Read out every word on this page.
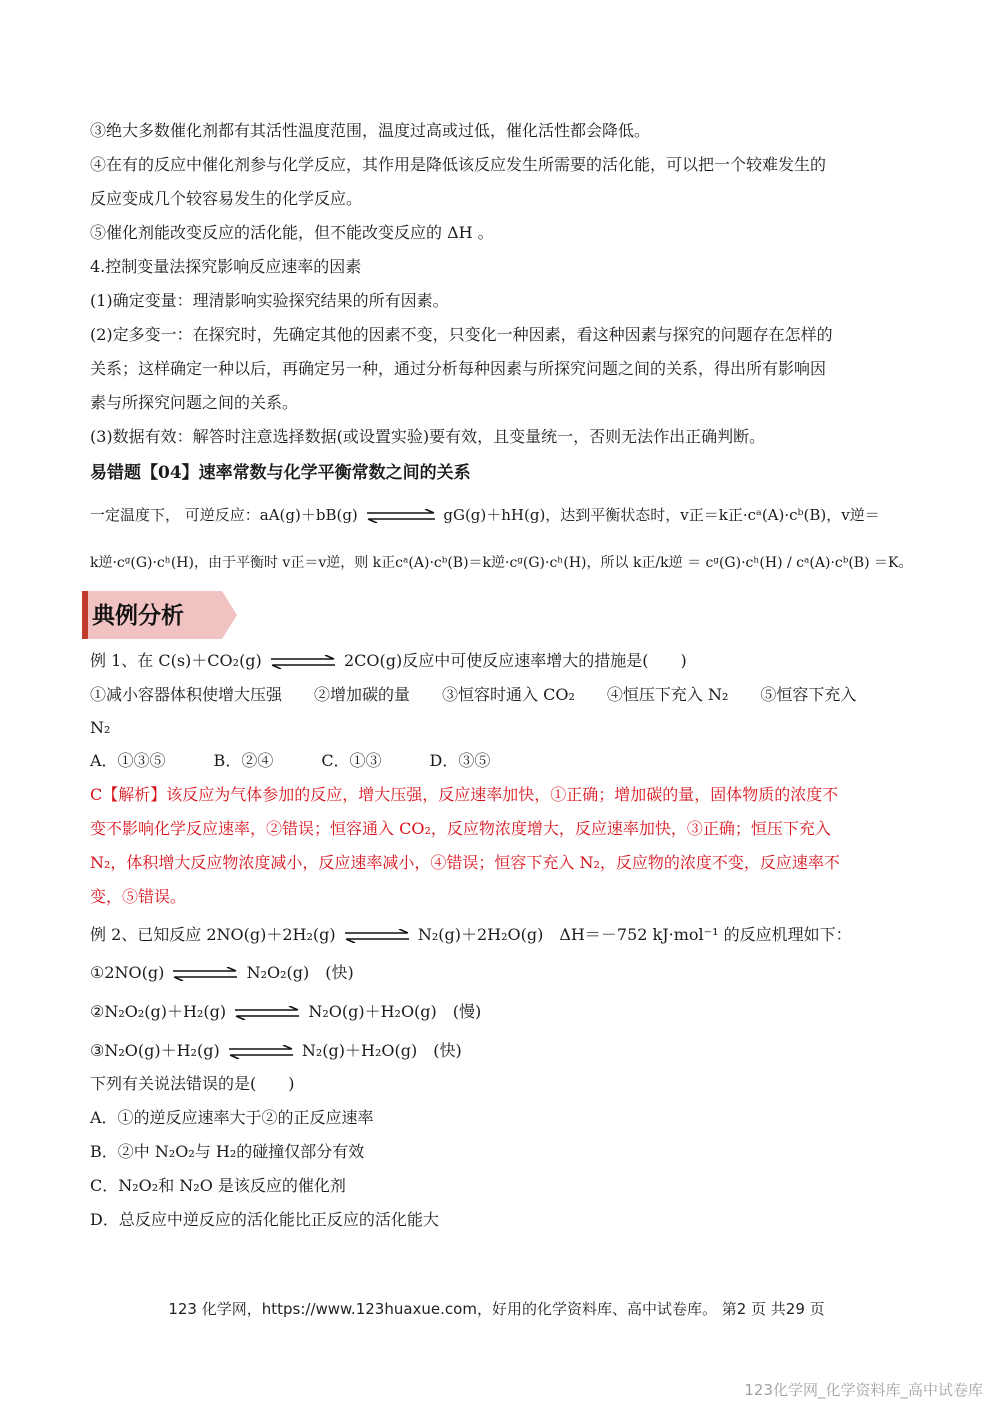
③绝大多数催化剂都有其活性温度范围，温度过高或过低，催化活性都会降低。
④在有的反应中催化剂参与化学反应，其作用是降低该反应发生所需要的活化能，可以把一个较难发生的
反应变成几个较容易发生的化学反应。
⑤催化剂能改变反应的活化能，但不能改变反应的 ΔH 。
4.控制变量法探究影响反应速率的因素
(1)确定变量：理清影响实验探究结果的所有因素。
(2)定多变一：在探究时，先确定其他的因素不变，只变化一种因素，看这种因素与探究的问题存在怎样的
关系；这样确定一种以后，再确定另一种，通过分析每种因素与所探究问题之间的关系，得出所有影响因
素与所探究问题之间的关系。
(3)数据有效：解答时注意选择数据(或设置实验)要有效，且变量统一，否则无法作出正确判断。
易错题【04】速率常数与化学平衡常数之间的关系
一定温度下， 可逆反应：aA(g)＋bB(g)	gG(g)＋hH(g)，达到平衡状态时，v正＝k正·cᵃ(A)·cᵇ(B)，v逆＝
k逆·cᵍ(G)·cʰ(H)，由于平衡时 v正＝v逆，则 k正cᵃ(A)·cᵇ(B)＝k逆·cᵍ(G)·cʰ(H)，所以 k正/k逆 ＝ cᵍ(G)·cʰ(H) / cᵃ(A)·cᵇ(B) ＝K。
典例分析
例 1、在 C(s)＋CO₂(g)	2CO(g)反应中可使反应速率增大的措施是(　　)
①减小容器体积使增大压强　　②增加碳的量　　③恒容时通入 CO₂　　④恒压下充入 N₂　　⑤恒容下充入
N₂
A．①③⑤　　　B．②④　　　C．①③　　　D．③⑤
C【解析】该反应为气体参加的反应，增大压强，反应速率加快，①正确；增加碳的量，固体物质的浓度不
变不影响化学反应速率，②错误；恒容通入 CO₂，反应物浓度增大，反应速率加快，③正确；恒压下充入
N₂，体积增大反应物浓度减小，反应速率减小，④错误；恒容下充入 N₂，反应物的浓度不变，反应速率不
变，⑤错误。
例 2、已知反应 2NO(g)＋2H₂(g)	N₂(g)＋2H₂O(g)　ΔH＝－752 kJ·mol⁻¹ 的反应机理如下：
①2NO(g)	N₂O₂(g)　(快)
②N₂O₂(g)＋H₂(g)	N₂O(g)＋H₂O(g)　(慢)
③N₂O(g)＋H₂(g)	N₂(g)＋H₂O(g)　(快)
下列有关说法错误的是(　　)
A．①的逆反应速率大于②的正反应速率
B．②中 N₂O₂与 H₂的碰撞仅部分有效
C．N₂O₂和 N₂O 是该反应的催化剂
D．总反应中逆反应的活化能比正反应的活化能大
123 化学网，https://www.123huaxue.com，好用的化学资料库、高中试卷库。 第2 页 共29 页
123化学网_化学资料库_高中试卷库
